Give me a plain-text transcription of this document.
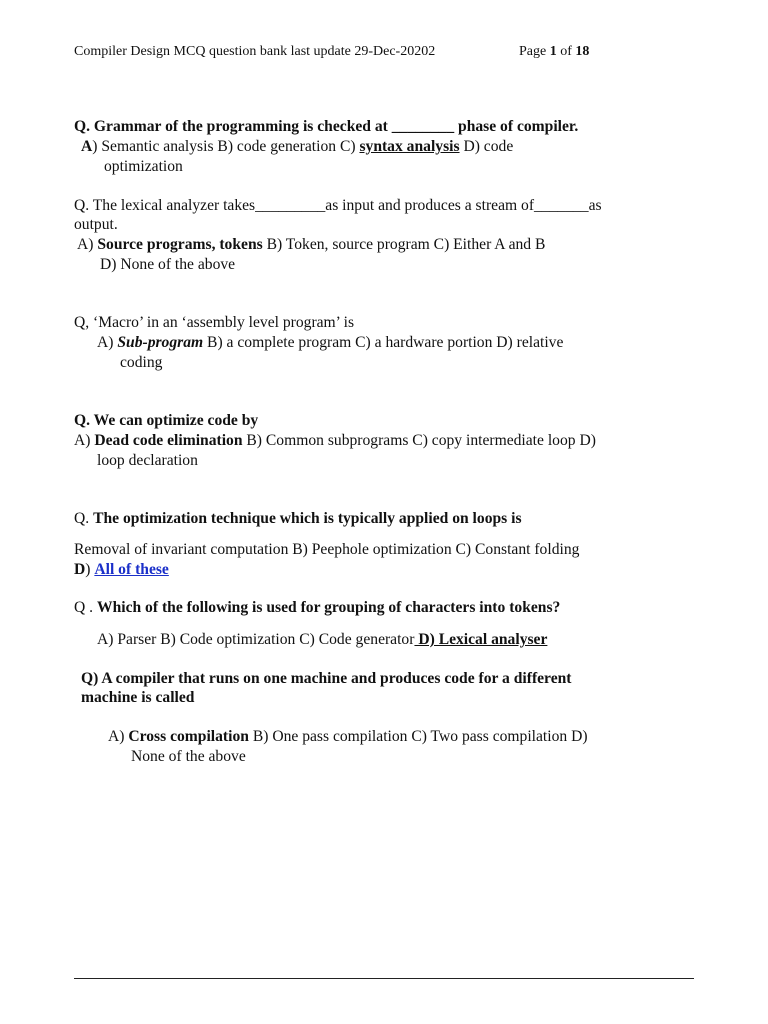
Compiler Design MCQ question bank last update 29-Dec-20202	Page 1 of 18
Q. Grammar of the programming is checked at ________ phase of compiler.
A) Semantic analysis B) code generation C) syntax analysis D) code
optimization
Q. The lexical analyzer takes_________as input and produces a stream of_______as
output.
A) Source programs, tokens B) Token, source program C) Either A and B
D) None of the above
Q, ‘Macro’ in an ‘assembly level program’ is
A) Sub-program B) a complete program C) a hardware portion D) relative
coding
Q. We can optimize code by
A) Dead code elimination B) Common subprograms C) copy intermediate loop D)
loop declaration
Q. The optimization technique which is typically applied on loops is
Removal of invariant computation B) Peephole optimization C) Constant folding
D) All of these
Q . Which of the following is used for grouping of characters into tokens?
A) Parser B) Code optimization C) Code generator D) Lexical analyser
Q) A compiler that runs on one machine and produces code for a different
machine is called
A) Cross compilation B) One pass compilation C) Two pass compilation D)
None of the above
